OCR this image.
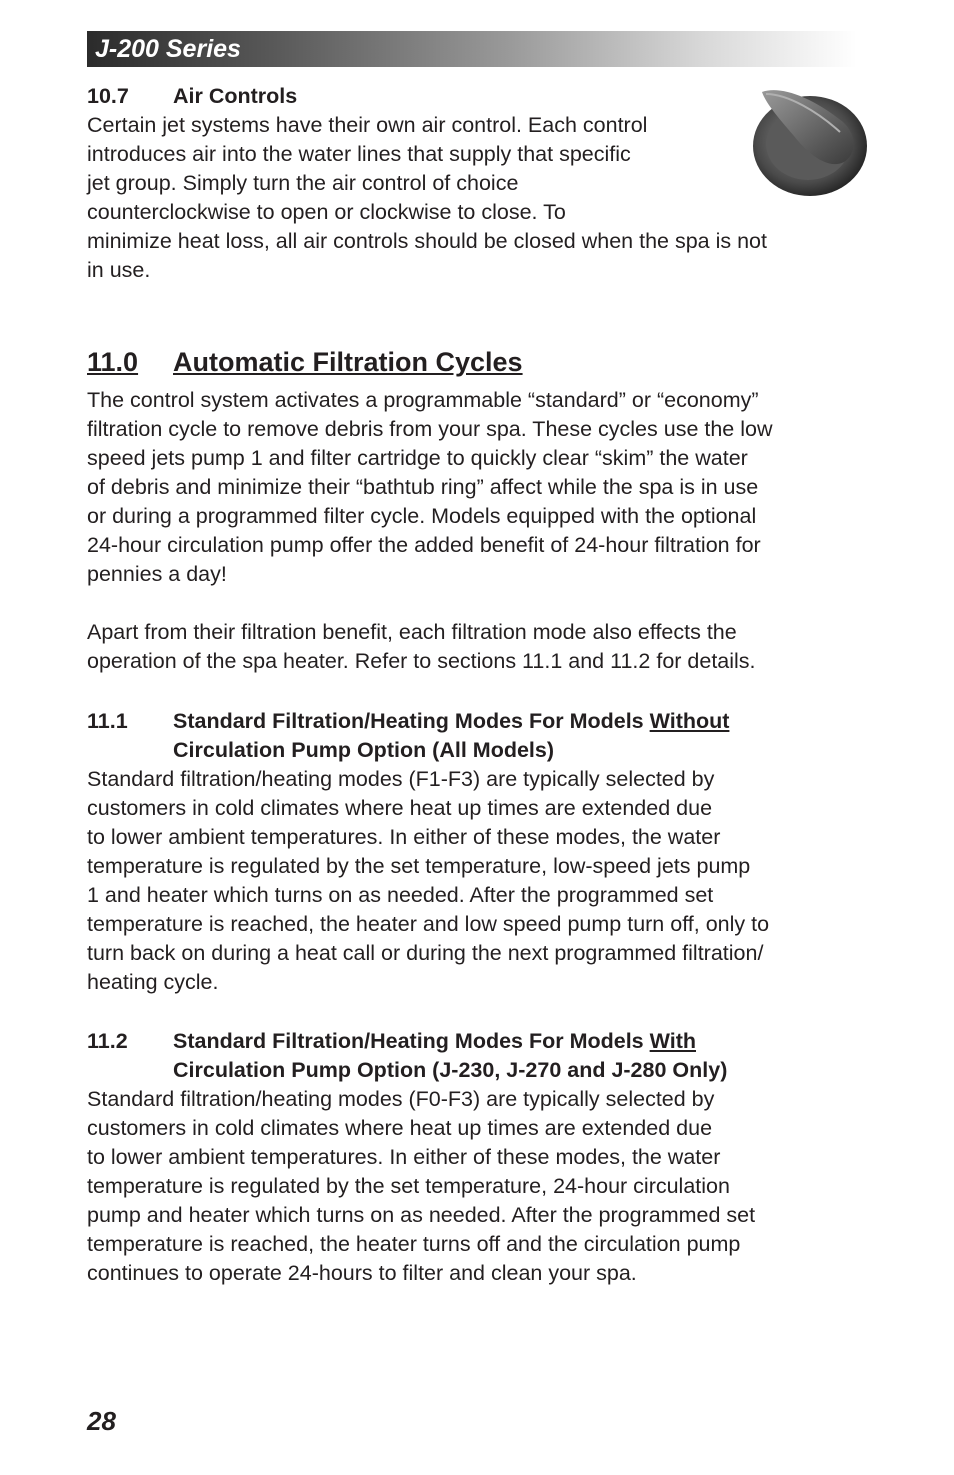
J-200 Series
10.7	Air Controls

Certain jet systems have their own air control. Each control
introduces air into the water lines that supply that specific
jet group. Simply turn the air control of choice
counterclockwise to open or clockwise to close. To
minimize heat loss, all air controls should be closed when the spa is not
in use.

11.0	Automatic Filtration Cycles

The control system activates a programmable “standard” or “economy”
filtration cycle to remove debris from your spa. These cycles use the low
speed jets pump 1 and filter cartridge to quickly clear “skim” the water
of debris and minimize their “bathtub ring” affect while the spa is in use
or during a programmed filter cycle. Models equipped with the optional
24-hour circulation pump offer the added benefit of 24-hour filtration for
pennies a day!

Apart from their filtration benefit, each filtration mode also effects the
operation of the spa heater. Refer to sections 11.1 and 11.2 for details.

11.1	Standard Filtration/Heating Modes For Models Without
Circulation Pump Option (All Models)

Standard filtration/heating modes (F1-F3) are typically selected by
customers in cold climates where heat up times are extended due
to lower ambient temperatures. In either of these modes, the water
temperature is regulated by the set temperature, low-speed jets pump
1 and heater which turns on as needed. After the programmed set
temperature is reached, the heater and low speed pump turn off, only to
turn back on during a heat call or during the next programmed filtration/
heating cycle.

11.2	Standard Filtration/Heating Modes For Models With
Circulation Pump Option (J-230, J-270 and J-280 Only)

Standard filtration/heating modes (F0-F3) are typically selected by
customers in cold climates where heat up times are extended due
to lower ambient temperatures. In either of these modes, the water
temperature is regulated by the set temperature, 24-hour circulation
pump and heater which turns on as needed. After the programmed set
temperature is reached, the heater turns off and the circulation pump
continues to operate 24-hours to filter and clean your spa.

28
